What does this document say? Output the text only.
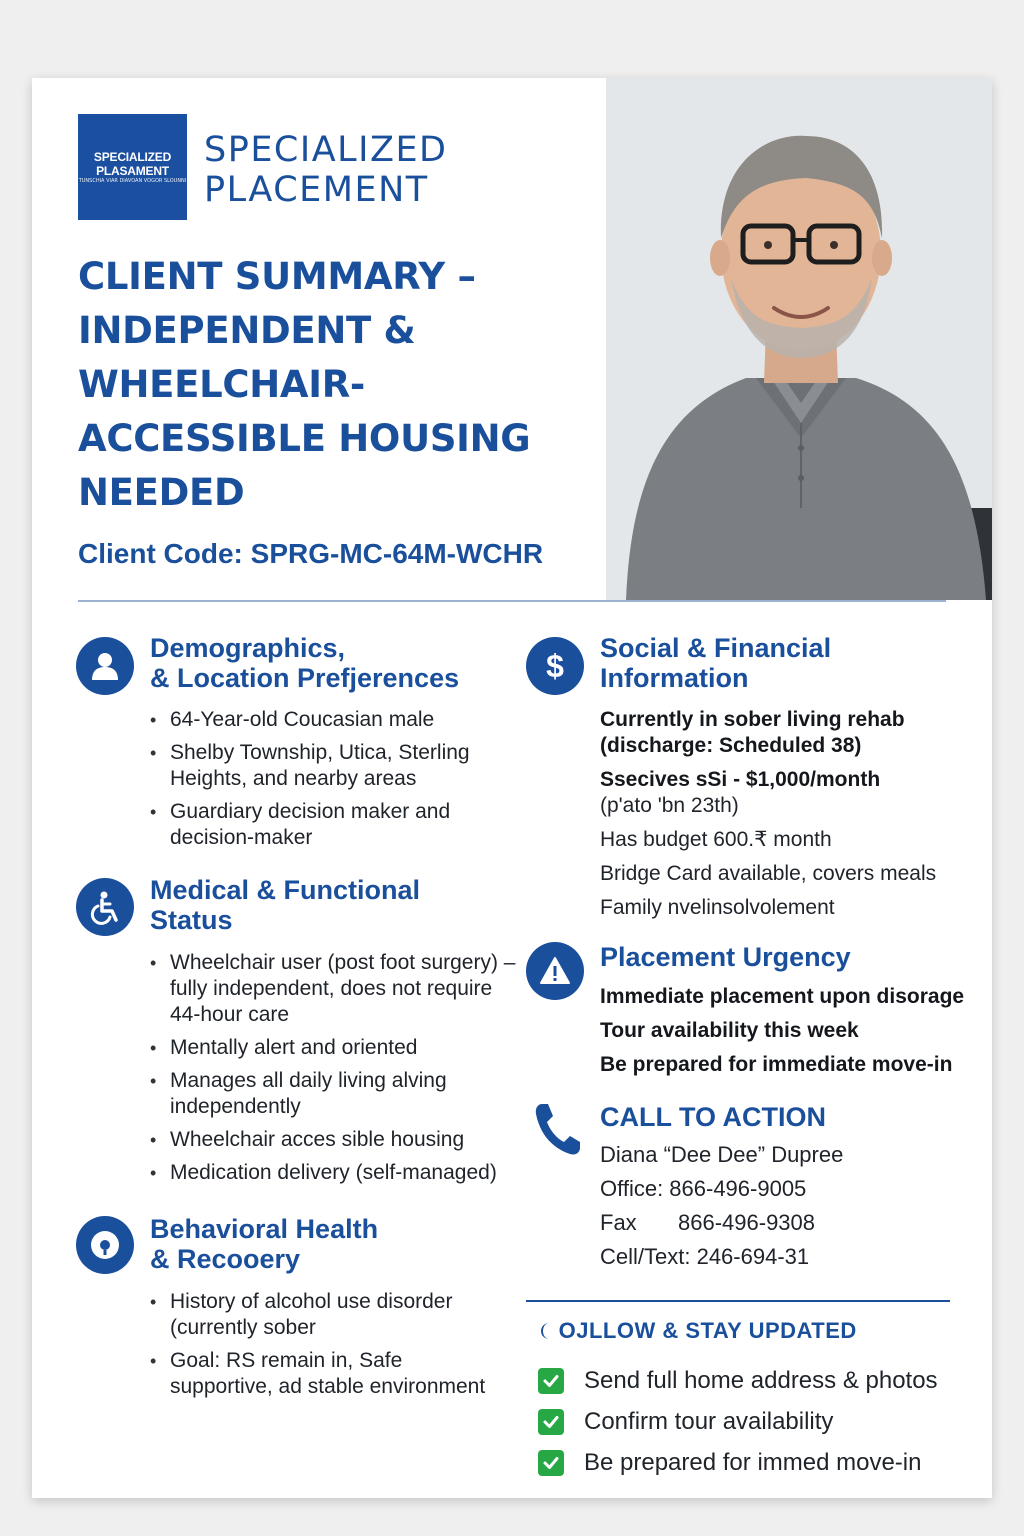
SPECIALIZED
PLASAMENT
TUNSCHIA VIAR DIAVOAN VOGOR SLOUNNI
SPECIALIZED
PLACEMENT
CLIENT SUMMARY –
INDEPENDENT &
WHEELCHAIR-
ACCESSIBLE HOUSING
NEEDED
Client Code: SPRG-MC-64M-WCHR
Demographics,
& Location Prefjerences
• 64-Year-old Coucasian male
• Shelby Township, Utica, Sterling Heights, and nearby areas
• Guardiary decision maker and decision-maker
Medical & Functional
Status
• Wheelchair user (post foot surgery) –fully independent, does not require 44-hour care
• Mentally alert and oriented
• Manages all daily living alving independently
• Wheelchair acces sible housing
• Medication delivery (self-managed)
Behavioral Health
& Recooery
• History of alcohol use disorder (currently sober
• Goal: RS remain in, Safe supportive, ad stable environment
$ Social & Financial
Information
Currently in sober living rehab
(discharge: Scheduled 38)
Ssecives sSi - $1,000/month
(p'ato 'bn 23th)
Has budget 600.₹ month
Bridge Card available, covers meals
Family nvelinsolvolement
Placement Urgency
Immediate placement upon disorage
Tour availability this week
Be prepared for immediate move-in
CALL TO ACTION
Diana “Dee Dee” Dupree
Office: 866-496-9005
Fax 866-496-9308
Cell/Text: 246-694-31
OJLLOW & STAY UPDATED
Send full home address & photos
Confirm tour availability
Be prepared for immed move-in
